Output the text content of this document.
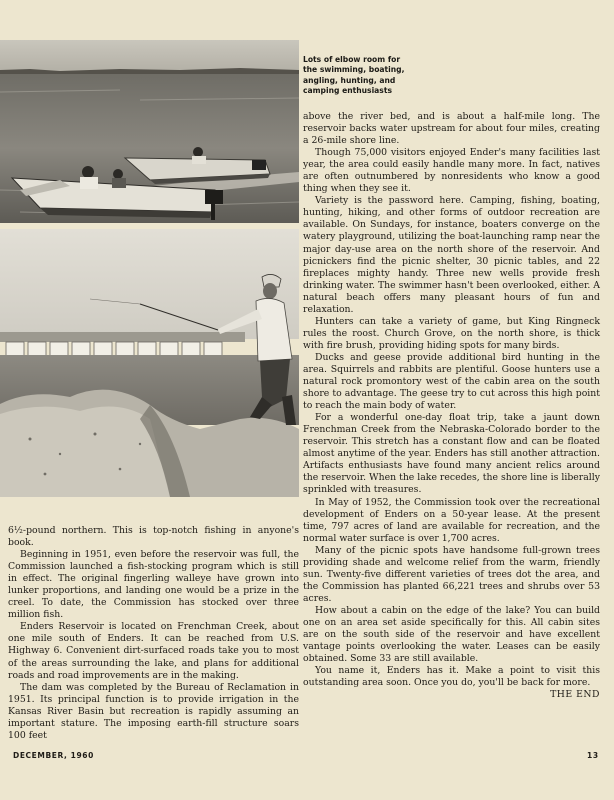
Lots of elbow room for the swimming, boating, angling, hunting, and camping enthusiasts

above the river bed, and is about a half-mile long. The reservoir backs water upstream for about four miles, creating a 26-mile shore line.

Though 75,000 visitors enjoyed Ender's many facilities last year, the area could easily handle many more. In fact, natives are often outnumbered by nonresidents who know a good thing when they see it.

Variety is the password here. Camping, fishing, boating, hunting, hiking, and other forms of outdoor recreation are available. On Sundays, for instance, boaters converge on the watery playground, utilizing the boat-launching ramp near the major day-use area on the north shore of the reservoir. And picnickers find the picnic shelter, 30 picnic tables, and 22 fireplaces mighty handy. Three new wells provide fresh drinking water. The swimmer hasn't been overlooked, either. A natural beach offers many pleasant hours of fun and relaxation.

Hunters can take a variety of game, but King Ringneck rules the roost. Church Grove, on the north shore, is thick with fire brush, providing hiding spots for many birds.

Ducks and geese provide additional bird hunting in the area. Squirrels and rabbits are plentiful. Goose hunters use a natural rock promontory west of the cabin area on the south shore to advantage. The geese try to cut across this high point to reach the main body of water.

For a wonderful one-day float trip, take a jaunt down Frenchman Creek from the Nebraska-Colorado border to the reservoir. This stretch has a constant flow and can be floated almost anytime of the year. Enders has still another attraction. Artifacts enthusiasts have found many ancient relics around the reservoir. When the lake recedes, the shore line is liberally sprinkled with treasures.

In May of 1952, the Commission took over the recreational development of Enders on a 50-year lease. At the present time, 797 acres of land are available for recreation, and the normal water surface is over 1,700 acres.

Many of the picnic spots have handsome full-grown trees providing shade and welcome relief from the warm, friendly sun. Twenty-five different varieties of trees dot the area, and the Commission has planted 66,221 trees and shrubs over 53 acres.

How about a cabin on the edge of the lake? You can build one on an area set aside specifically for this. All cabin sites are on the south side of the reservoir and have excellent vantage points overlooking the water. Leases can be easily obtained. Some 33 are still available.

You name it, Enders has it. Make a point to visit this outstanding area soon. Once you do, you'll be back for more.

THE END

6½-pound northern. This is top-notch fishing in anyone's book.

Beginning in 1951, even before the reservoir was full, the Commission launched a fish-stocking program which is still in effect. The original fingerling walleye have grown into lunker proportions, and landing one would be a prize in the creel. To date, the Commission has stocked over three million fish.

Enders Reservoir is located on Frenchman Creek, about one mile south of Enders. It can be reached from U.S. Highway 6. Convenient dirt-surfaced roads take you to most of the areas surrounding the lake, and plans for additional roads and road improvements are in the making.

The dam was completed by the Bureau of Reclamation in 1951. Its principal function is to provide irrigation in the Kansas River Basin but recreation is rapidly assuming an important stature. The imposing earth-fill structure soars 100 feet

DECEMBER, 1960	13
